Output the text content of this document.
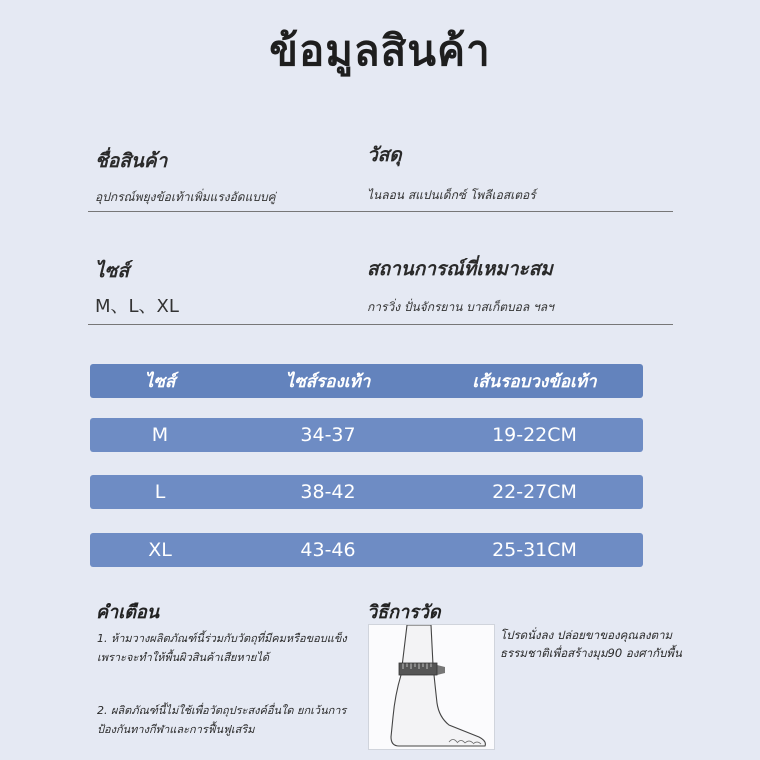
ข้อมูลสินค้า
ชื่อสินค้า
อุปกรณ์พยุงข้อเท้าเพิ่มแรงอัดแบบคู่
วัสดุ
ไนลอน สแปนเด็กซ์ โพลีเอสเตอร์
ไซส์
M、L、XL
สถานการณ์ที่เหมาะสม
การวิ่ง ปั่นจักรยาน บาสเก็ตบอล ฯลฯ
ไซส์	ไซส์รองเท้า	เส้นรอบวงข้อเท้า
M	34-37	19-22CM
L	38-42	22-27CM
XL	43-46	25-31CM
คำเตือน
1. ห้ามวางผลิตภัณฑ์นี้ร่วมกับวัตถุที่มีคมหรือขอบแข็ง เพราะจะทำให้พื้นผิวสินค้าเสียหายได้
2. ผลิตภัณฑ์นี้ไม่ใช้เพื่อวัตถุประสงค์อื่นใด ยกเว้นการป้องกันทางกีฬาและการฟื้นฟูเสริม
วิธีการวัด
โปรดนั่งลง ปล่อยขาของคุณลงตามธรรมชาติเพื่อสร้างมุม90 องศากับพื้น
